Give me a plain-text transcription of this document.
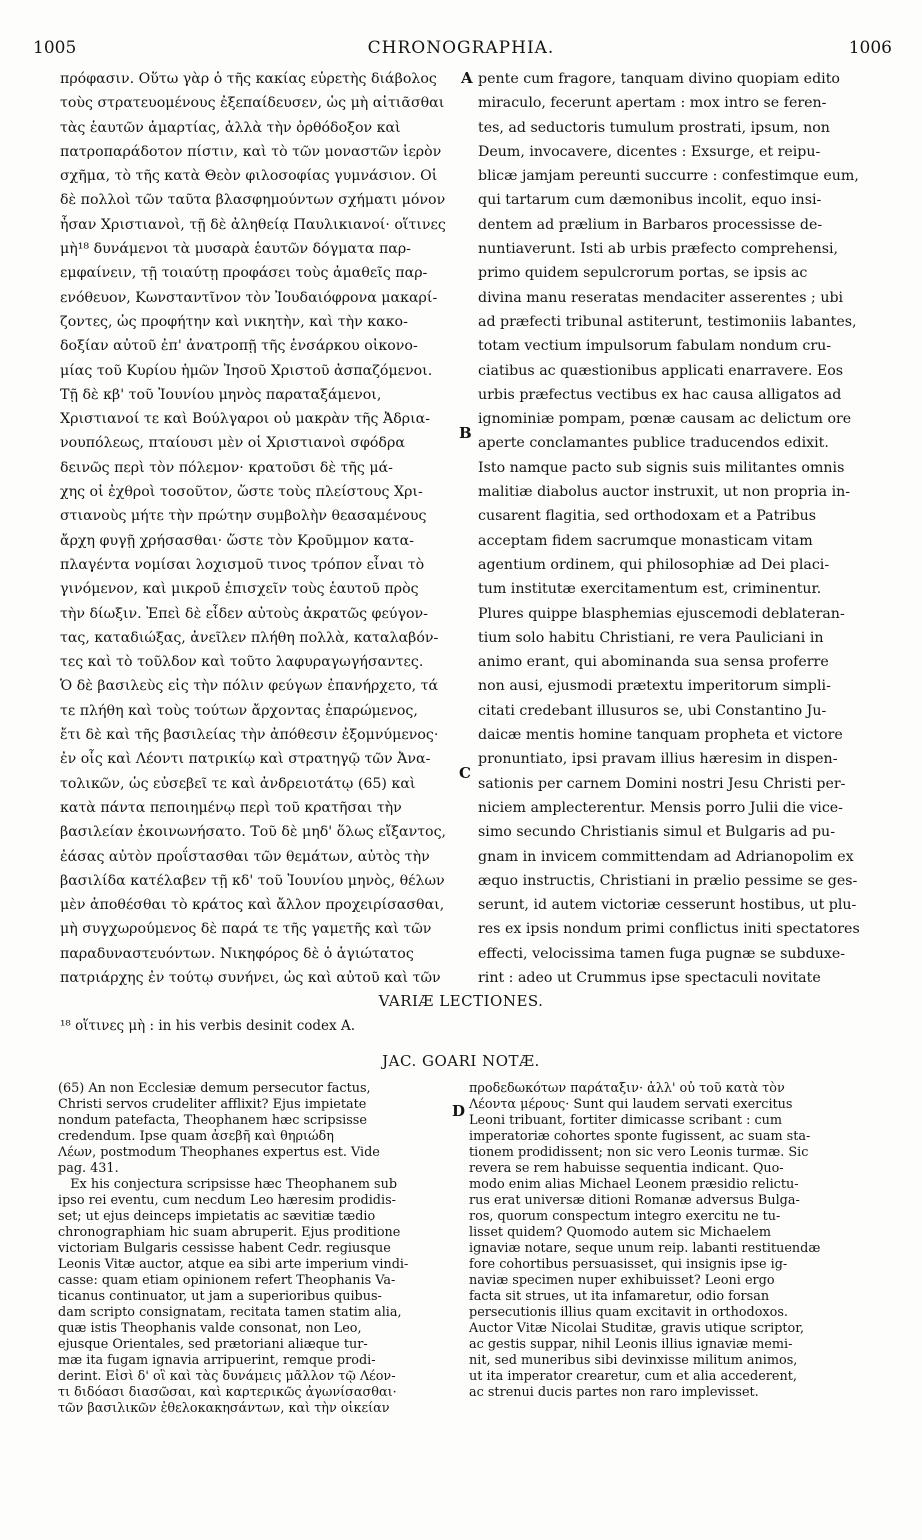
1005	CHRONOGRAPHIA.	1006
πρόφασιν. Οὕτω γὰρ ὁ τῆς κακίας εὑρετὴς διάβολος
τοὺς στρατευομένους ἐξεπαίδευσεν, ὡς μὴ αἰτιᾶσθαι
τὰς ἑαυτῶν ἁμαρτίας, ἀλλὰ τὴν ὀρθόδοξον καὶ
πατροπαράδοτον πίστιν, καὶ τὸ τῶν μοναστῶν ἱερὸν
σχῆμα, τὸ τῆς κατὰ Θεὸν φιλοσοφίας γυμνάσιον. Οἱ
δὲ πολλοὶ τῶν ταῦτα βλασφημούντων σχήματι μόνον
ἦσαν Χριστιανοὶ, τῇ δὲ ἀληθείᾳ Παυλικιανοί· οἵτινες
μὴ¹⁸ δυνάμενοι τὰ μυσαρὰ ἑαυτῶν δόγματα παρ-
εμφαίνειν, τῇ τοιαύτῃ προφάσει τοὺς ἀμαθεῖς παρ-
ενόθευον, Κωνσταντῖνον τὸν Ἰουδαιόφρονα μακαρί-
ζοντες, ὡς προφήτην καὶ νικητὴν, καὶ τὴν κακο-
δοξίαν αὐτοῦ ἐπ' ἀνατροπῇ τῆς ἐνσάρκου οἰκονο-
μίας τοῦ Κυρίου ἡμῶν Ἰησοῦ Χριστοῦ ἀσπαζόμενοι.
Τῇ δὲ κβ' τοῦ Ἰουνίου μηνὸς παραταξάμενοι,
Χριστιανοί τε καὶ Βούλγαροι οὐ μακρὰν τῆς Ἀδρια-
νουπόλεως, πταίουσι μὲν οἱ Χριστιανοὶ σφόδρα
δεινῶς περὶ τὸν πόλεμον· κρατοῦσι δὲ τῆς μά-
χης οἱ ἐχθροὶ τοσοῦτον, ὥστε τοὺς πλείστους Χρι-
στιανοὺς μήτε τὴν πρώτην συμβολὴν θεασαμένους
ἄρχη φυγῇ χρήσασθαι· ὥστε τὸν Κροῦμμον κατα-
πλαγέντα νομίσαι λοχισμοῦ τινος τρόπον εἶναι τὸ
γινόμενον, καὶ μικροῦ ἐπισχεῖν τοὺς ἑαυτοῦ πρὸς
τὴν δίωξιν. Ἐπεὶ δὲ εἶδεν αὐτοὺς ἀκρατῶς φεύγον-
τας, καταδιώξας, ἀνεῖλεν πλήθη πολλὰ, καταλαβόν-
τες καὶ τὸ τοῦλδον καὶ τοῦτο λαφυραγωγήσαντες.
Ὁ δὲ βασιλεὺς εἰς τὴν πόλιν φεύγων ἐπανήρχετο, τά
τε πλήθη καὶ τοὺς τούτων ἄρχοντας ἐπαρώμενος,
ἔτι δὲ καὶ τῆς βασιλείας τὴν ἀπόθεσιν ἐξομνύμενος·
ἐν οἷς καὶ Λέοντι πατρικίῳ καὶ στρατηγῷ τῶν Ἀνα-
τολικῶν, ὡς εὐσεβεῖ τε καὶ ἀνδρειοτάτῳ (65) καὶ
κατὰ πάντα πεποιημένῳ περὶ τοῦ κρατῆσαι τὴν
βασιλείαν ἐκοινωνήσατο. Τοῦ δὲ μηδ' ὅλως εἴξαντος,
ἐάσας αὐτὸν προΐστασθαι τῶν θεμάτων, αὐτὸς τὴν
βασιλίδα κατέλαβεν τῇ κδ' τοῦ Ἰουνίου μηνὸς, θέλων
μὲν ἀποθέσθαι τὸ κράτος καὶ ἄλλον προχειρίσασθαι,
μὴ συγχωρούμενος δὲ παρά τε τῆς γαμετῆς καὶ τῶν
παραδυναστευόντων. Νικηφόρος δὲ ὁ ἁγιώτατος
πατριάρχης ἐν τούτῳ συνήνει, ὡς καὶ αὐτοῦ καὶ τῶν
pente cum fragore, tanquam divino quopiam edito
miraculo, fecerunt apertam : mox intro se feren-
tes, ad seductoris tumulum prostrati, ipsum, non
Deum, invocavere, dicentes : Exsurge, et reipu-
blicæ jamjam pereunti succurre : confestimque eum,
qui tartarum cum dæmonibus incolit, equo insi-
dentem ad prælium in Barbaros processisse de-
nuntiaverunt. Isti ab urbis præfecto comprehensi,
primo quidem sepulcrorum portas, se ipsis ac
divina manu reseratas mendaciter asserentes ; ubi
ad præfecti tribunal astiterunt, testimoniis labantes,
totam vectium impulsorum fabulam nondum cru-
ciatibus ac quæstionibus applicati enarravere. Eos
urbis præfectus vectibus ex hac causa alligatos ad
ignominiæ pompam, pœnæ causam ac delictum ore
aperte conclamantes publice traducendos edixit.
Isto namque pacto sub signis suis militantes omnis
malitiæ diabolus auctor instruxit, ut non propria in-
cusarent flagitia, sed orthodoxam et a Patribus
acceptam fidem sacrumque monasticam vitam
agentium ordinem, qui philosophiæ ad Dei placi-
tum institutæ exercitamentum est, criminentur.
Plures quippe blasphemias ejuscemodi deblateran-
tium solo habitu Christiani, re vera Pauliciani in
animo erant, qui abominanda sua sensa proferre
non ausi, ejusmodi prætextu imperitorum simpli-
citati credebant illusuros se, ubi Constantino Ju-
daicæ mentis homine tanquam propheta et victore
pronuntiato, ipsi pravam illius hæresim in dispen-
sationis per carnem Domini nostri Jesu Christi per-
niciem amplecterentur. Mensis porro Julii die vice-
simo secundo Christianis simul et Bulgaris ad pu-
gnam in invicem committendam ad Adrianopolim ex
æquo instructis, Christiani in prælio pessime se ges-
serunt, id autem victoriæ cesserunt hostibus, ut plu-
res ex ipsis nondum primi conflictus initi spectatores
effecti, velocissima tamen fuga pugnæ se subduxe-
rint : adeo ut Crummus ipse spectaculi novitate
A
B
C
D
VARIÆ LECTIONES.
¹⁸ οἵτινες μὴ : in his verbis desinit codex A.
JAC. GOARI NOTÆ.
(65) An non Ecclesiæ demum persecutor factus,
Christi servos crudeliter afflixit? Ejus impietate
nondum patefacta, Theophanem hæc scripsisse
credendum. Ipse quam ἀσεβῆ καὶ θηριώδη
Λέων, postmodum Theophanes expertus est. Vide
pag. 431.
Ex his conjectura scripsisse hæc Theophanem sub
ipso rei eventu, cum necdum Leo hæresim prodidis-
set; ut ejus deinceps impietatis ac sævitiæ tædio
chronographiam hic suam abruperit. Ejus proditione
victoriam Bulgaris cessisse habent Cedr. regiusque
Leonis Vitæ auctor, atque ea sibi arte imperium vindi-
casse: quam etiam opinionem refert Theophanis Va-
ticanus continuator, ut jam a superioribus quibus-
dam scripto consignatam, recitata tamen statim alia,
quæ istis Theophanis valde consonat, non Leo,
ejusque Orientales, sed prætoriani aliæque tur-
mæ ita fugam ignavia arripuerint, remque prodi-
derint. Εἰσὶ δ' οἳ καὶ τὰς δυνάμεις μᾶλλον τῷ Λέον-
τι διδόασι διασῶσαι, καὶ καρτερικῶς ἀγωνίσασθαι·
τῶν βασιλικῶν ἐθελοκακησάντων, καὶ τὴν οἰκείαν
προδεδωκότων παράταξιν· ἀλλ' οὐ τοῦ κατὰ τὸν
Λέοντα μέρους· Sunt qui laudem servati exercitus
Leoni tribuant, fortiter dimicasse scribant : cum
imperatoriæ cohortes sponte fugissent, ac suam sta-
tionem prodidissent; non sic vero Leonis turmæ. Sic
revera se rem habuisse sequentia indicant. Quo-
modo enim alias Michael Leonem præsidio relictu-
rus erat universæ ditioni Romanæ adversus Bulga-
ros, quorum conspectum integro exercitu ne tu-
lisset quidem? Quomodo autem sic Michaelem
ignaviæ notare, seque unum reip. labanti restituendæ
fore cohortibus persuasisset, qui insignis ipse ig-
naviæ specimen nuper exhibuisset? Leoni ergo
facta sit strues, ut ita infamaretur, odio forsan
persecutionis illius quam excitavit in orthodoxos.
Auctor Vitæ Nicolai Studitæ, gravis utique scriptor,
ac gestis suppar, nihil Leonis illius ignaviæ memi-
nit, sed muneribus sibi devinxisse militum animos,
ut ita imperator crearetur, cum et alia accederent,
ac strenui ducis partes non raro implevisset.
